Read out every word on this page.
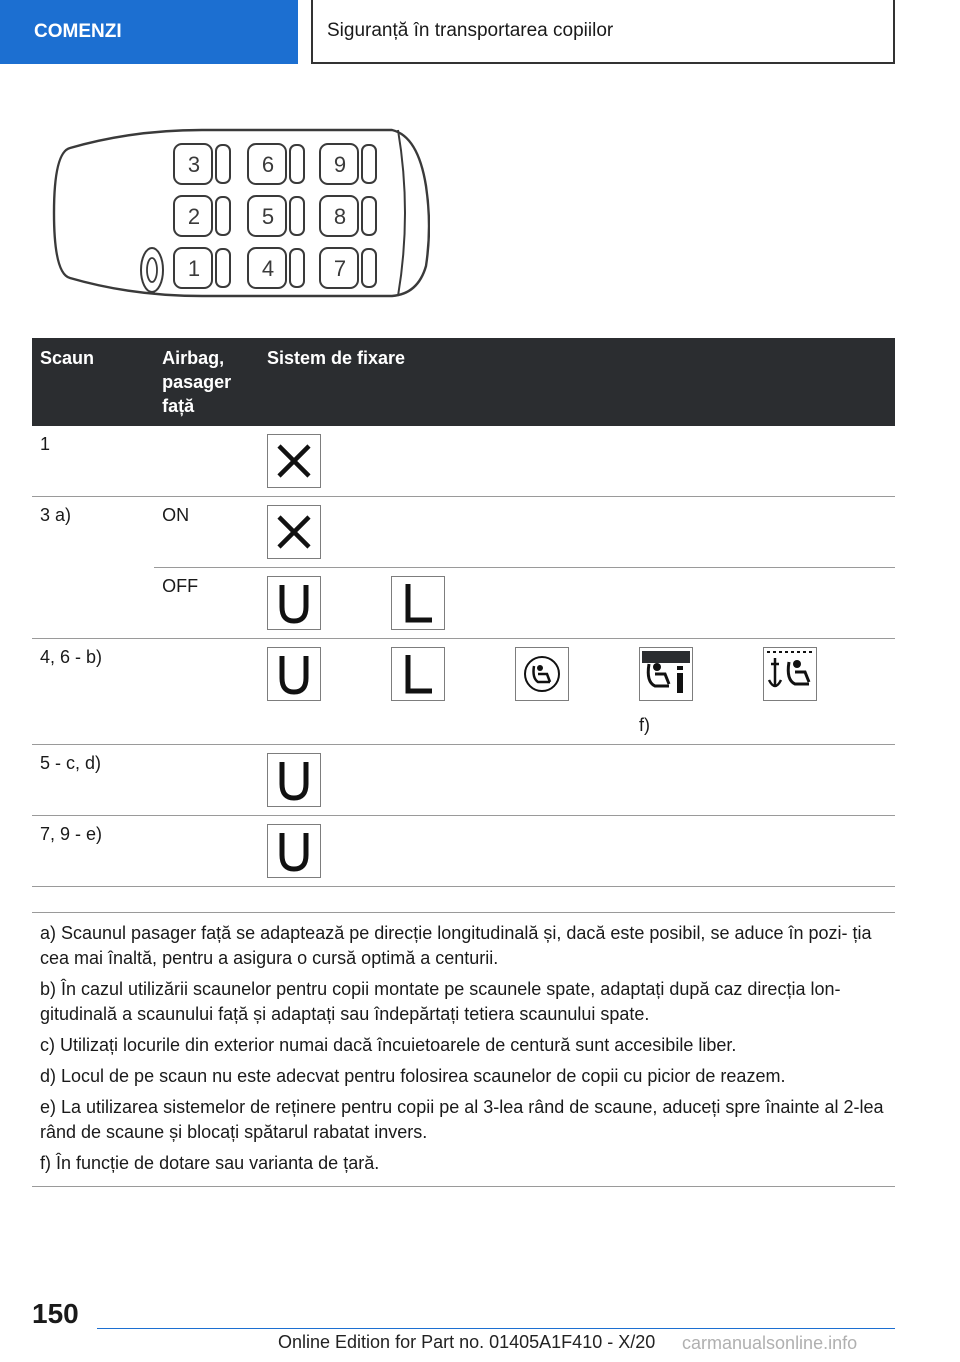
COMENZI	Siguranță în transportarea copiilor
3	6	9
2	5	8
1	4	7
Scaun	Airbag, pasager față	Sistem de fixare
1		

3 a)	ON	

	OFF	

4, 6 - b)		f)

5 - c, d)		

7, 9 - e)		

a) Scaunul pasager față se adaptează pe direcție longitudinală și, dacă este posibil, se aduce în pozi‐ ția cea mai înaltă, pentru a asigura o cursă optimă a centurii.

b) În cazul utilizării scaunelor pentru copii montate pe scaunele spate, adaptați după caz direcția lon‐ gitudinală a scaunului față și adaptați sau îndepărtați tetiera scaunului spate.

c) Utilizați locurile din exterior numai dacă încuietoarele de centură sunt accesibile liber.

d) Locul de pe scaun nu este adecvat pentru folosirea scaunelor de copii cu picior de reazem.

e) La utilizarea sistemelor de reținere pentru copii pe al 3-lea rând de scaune, aduceți spre înainte al 2-lea rând de scaune și blocați spătarul rabatat invers.

f) În funcție de dotare sau varianta de țară.

150
Online Edition for Part no. 01405A1F410 - X/20 carmanualsonline.info
